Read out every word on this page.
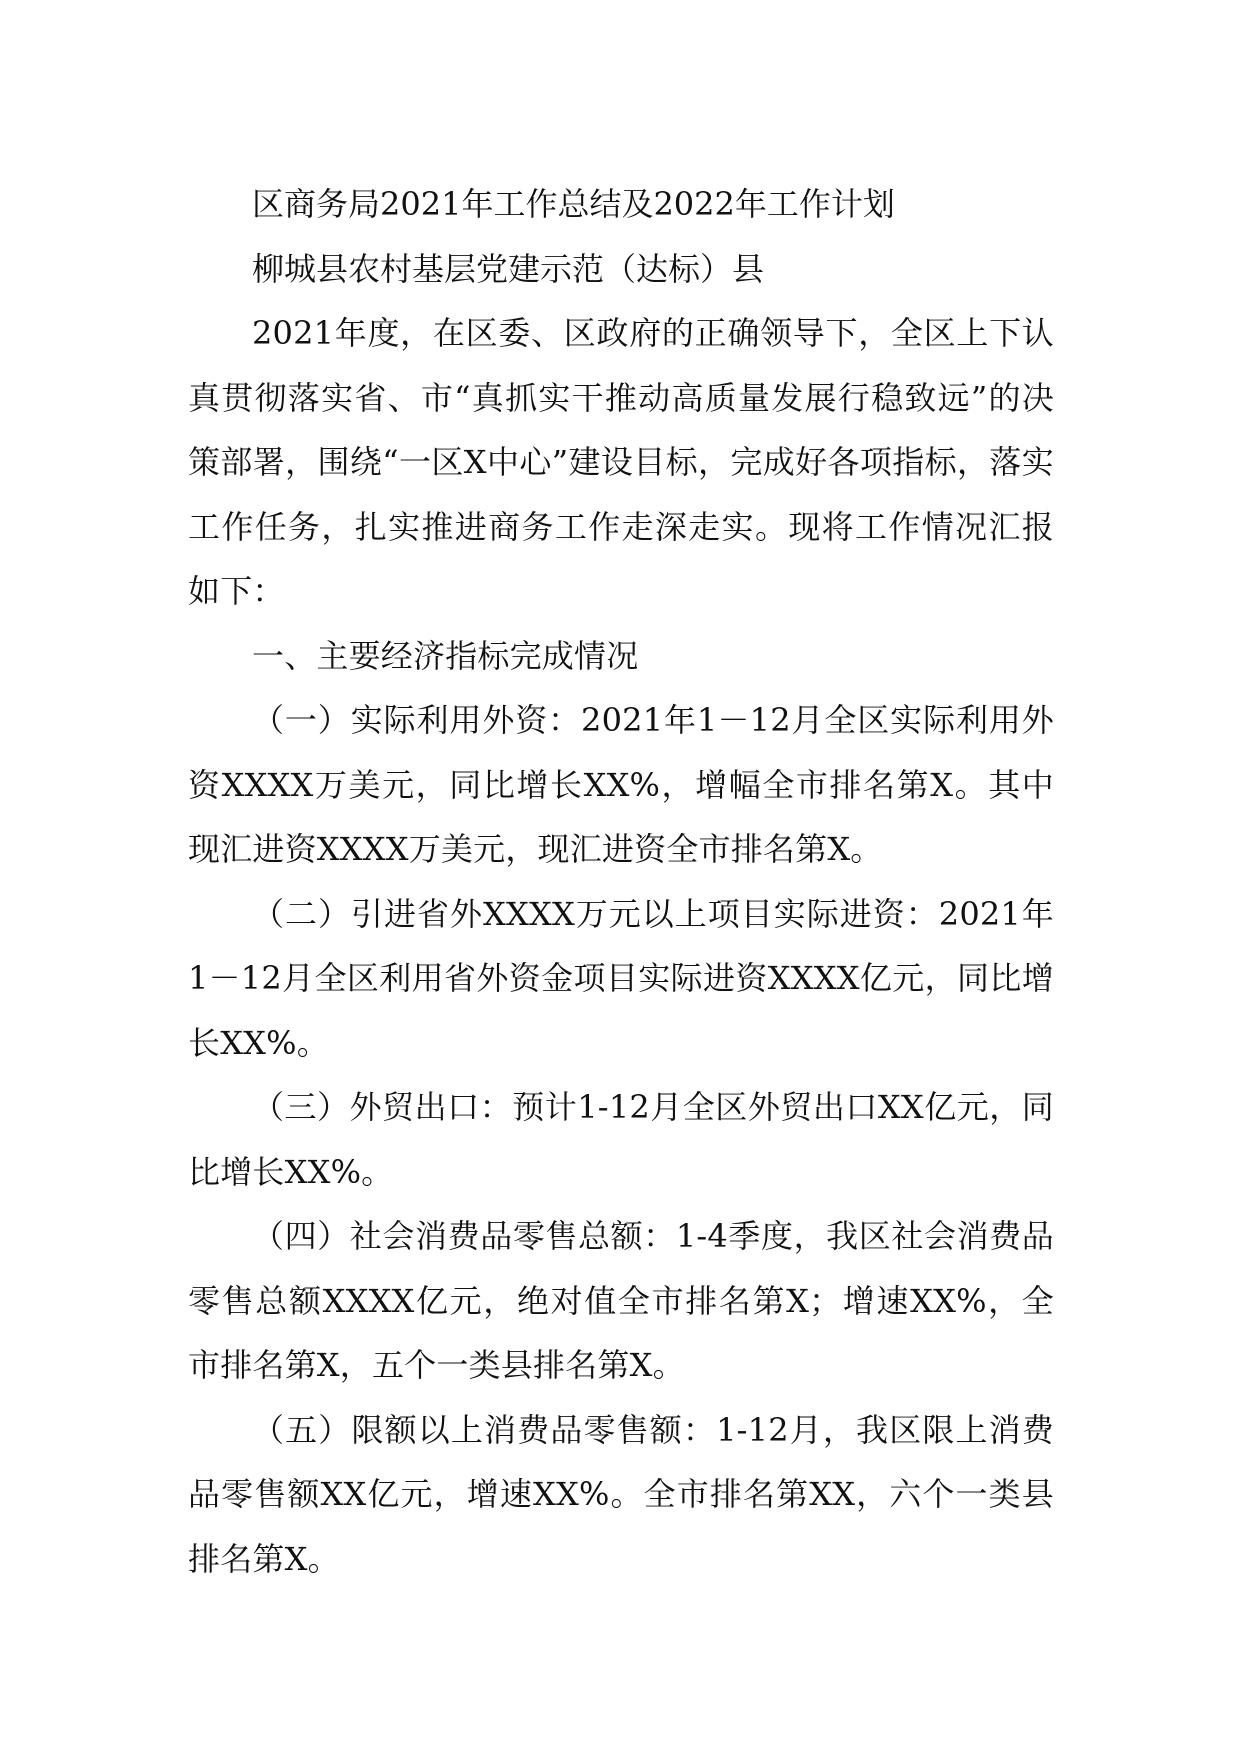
区商务局2021年工作总结及2022年工作计划

柳城县农村基层党建示范（达标）县

2021年度，在区委、区政府的正确领导下，全区上下认真贯彻落实省、市“真抓实干推动高质量发展行稳致远”的决策部署，围绕“一区X中心”建设目标，完成好各项指标，落实工作任务，扎实推进商务工作走深走实。现将工作情况汇报如下：

一、主要经济指标完成情况

（一）实际利用外资：2021年1－12月全区实际利用外资XXXX万美元，同比增长XX%，增幅全市排名第X。其中现汇进资XXXX万美元，现汇进资全市排名第X。

（二）引进省外XXXX万元以上项目实际进资：2021年1－12月全区利用省外资金项目实际进资XXXX亿元，同比增长XX%。

（三）外贸出口：预计1-12月全区外贸出口XX亿元，同比增长XX%。

（四）社会消费品零售总额：1-4季度，我区社会消费品零售总额XXXX亿元，绝对值全市排名第X；增速XX%，全市排名第X，五个一类县排名第X。

（五）限额以上消费品零售额：1-12月，我区限上消费品零售额XX亿元，增速XX%。全市排名第XX，六个一类县排名第X。
